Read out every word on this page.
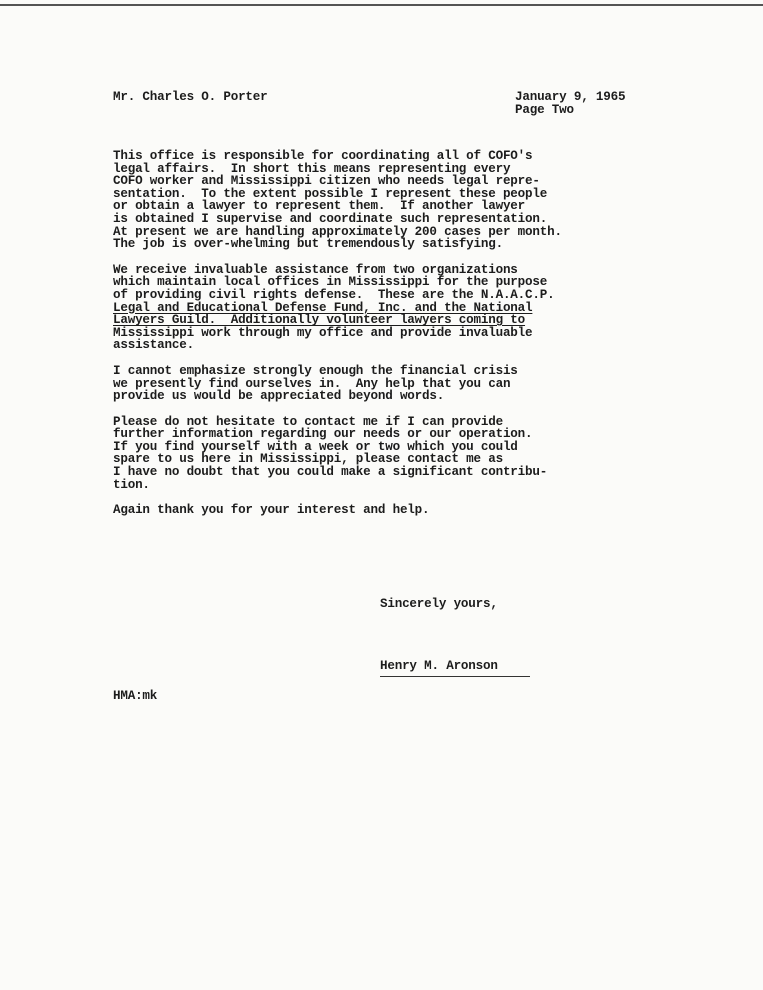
Mr. Charles O. Porter	January 9, 1965
Page Two
This office is responsible for coordinating all of COFO's
legal affairs.  In short this means representing every
COFO worker and Mississippi citizen who needs legal repre-
sentation.  To the extent possible I represent these people
or obtain a lawyer to represent them.  If another lawyer
is obtained I supervise and coordinate such representation.
At present we are handling approximately 200 cases per month.
The job is over-whelming but tremendously satisfying.
We receive invaluable assistance from two organizations
which maintain local offices in Mississippi for the purpose
of providing civil rights defense.  These are the N.A.A.C.P.
Legal and Educational Defense Fund, Inc. and the National
Lawyers Guild.  Additionally volunteer lawyers coming to
Mississippi work through my office and provide invaluable
assistance.
I cannot emphasize strongly enough the financial crisis
we presently find ourselves in.  Any help that you can
provide us would be appreciated beyond words.
Please do not hesitate to contact me if I can provide
further information regarding our needs or our operation.
If you find yourself with a week or two which you could
spare to us here in Mississippi, please contact me as
I have no doubt that you could make a significant contribu-
tion.
Again thank you for your interest and help.
Sincerely yours,
Henry M. Aronson
HMA:mk
